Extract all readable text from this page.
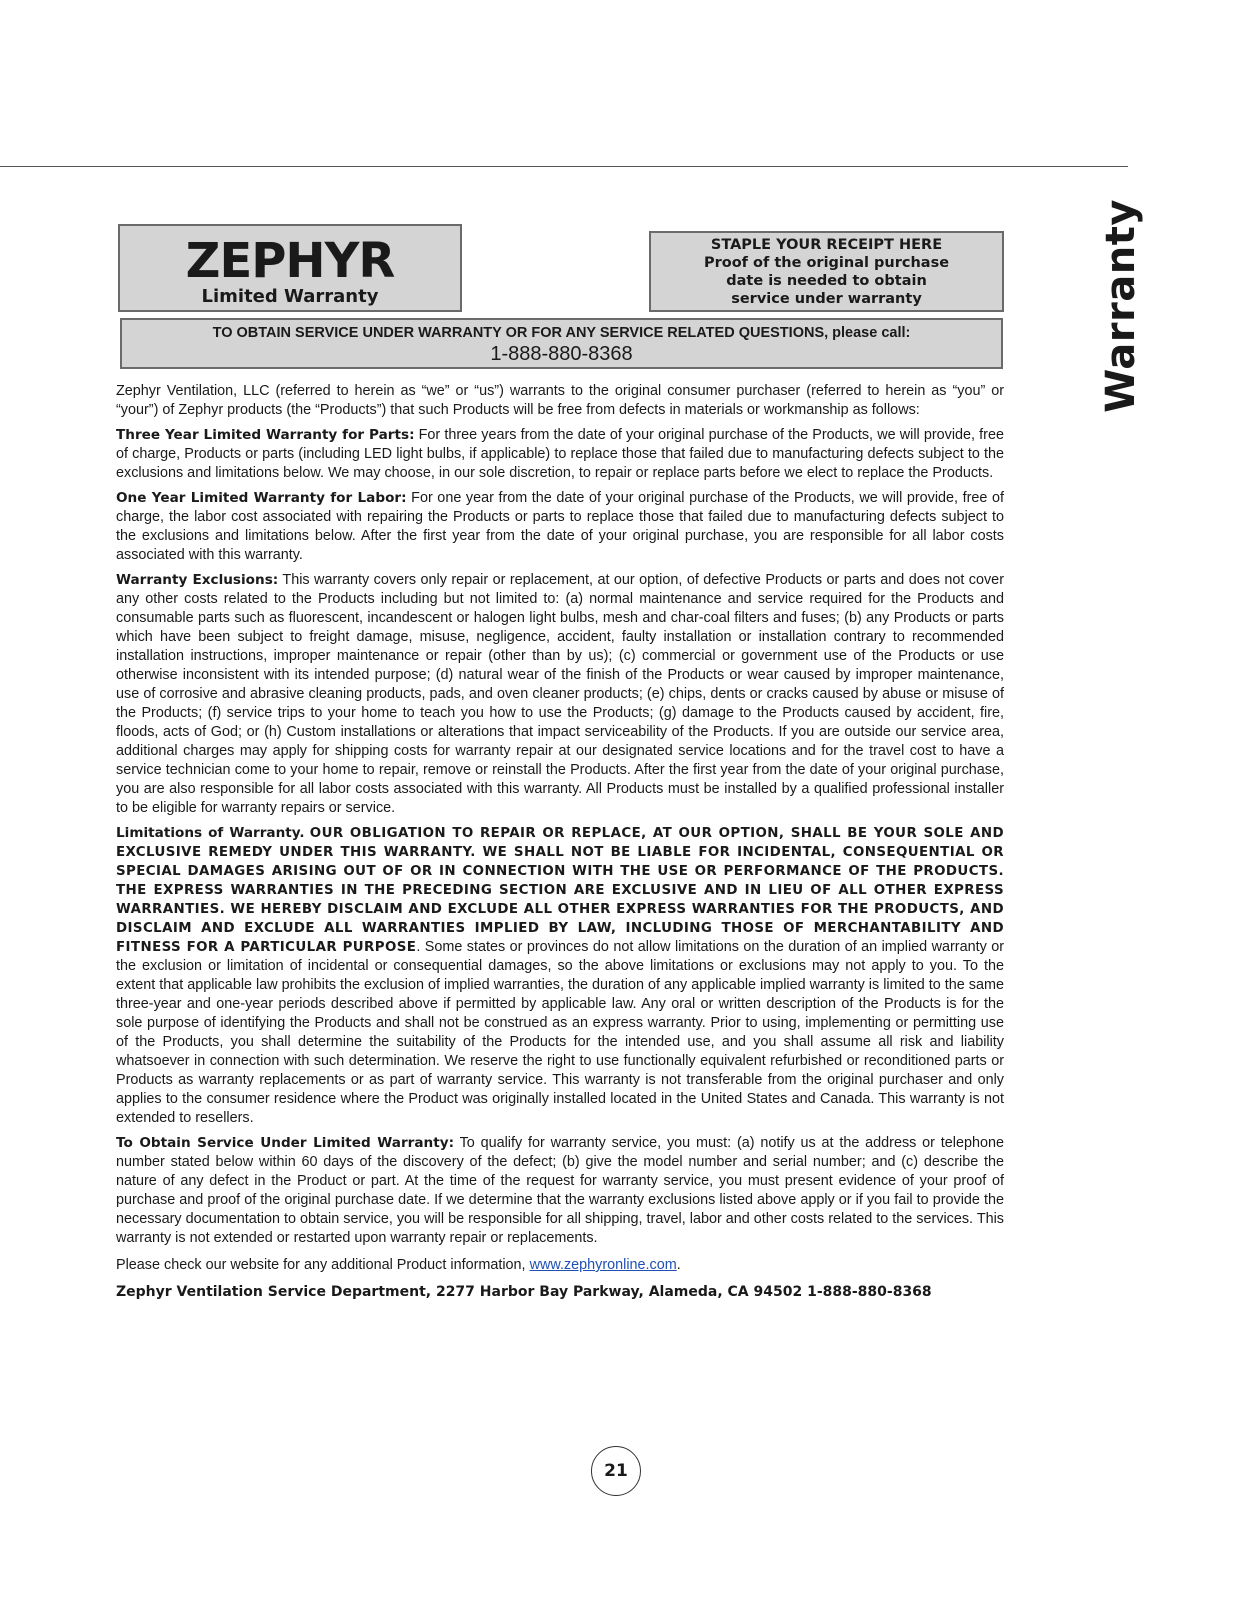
Warranty
ZEPHYR
Limited Warranty
STAPLE YOUR RECEIPT HERE
Proof of the original purchase
date is needed to obtain
service under warranty
TO OBTAIN SERVICE UNDER WARRANTY OR FOR ANY SERVICE RELATED QUESTIONS, please call:
1-888-880-8368

Zephyr Ventilation, LLC (referred to herein as “we” or “us”) warrants to the original consumer purchaser (referred to herein as “you” or “your”) of Zephyr products (the “Products”) that such Products will be free from defects in materials or workmanship as follows:

Three Year Limited Warranty for Parts: For three years from the date of your original purchase of the Products, we will provide, free of charge, Products or parts (including LED light bulbs, if applicable) to replace those that failed due to manufacturing defects subject to the exclusions and limitations below. We may choose, in our sole discretion, to repair or replace parts before we elect to replace the Products.

One Year Limited Warranty for Labor: For one year from the date of your original purchase of the Products, we will provide, free of charge, the labor cost associated with repairing the Products or parts to replace those that failed due to manufacturing defects subject to the exclusions and limitations below. After the first year from the date of your original purchase, you are responsible for all labor costs associated with this warranty.

Warranty Exclusions: This warranty covers only repair or replacement, at our option, of defective Products or parts and does not cover any other costs related to the Products including but not limited to: (a) normal maintenance and service required for the Products and consumable parts such as fluorescent, incandescent or halogen light bulbs, mesh and char-coal filters and fuses; (b) any Products or parts which have been subject to freight damage, misuse, negligence, accident, faulty installation or installation contrary to recommended installation instructions, improper maintenance or repair (other than by us); (c) commercial or government use of the Products or use otherwise inconsistent with its intended purpose; (d) natural wear of the finish of the Products or wear caused by improper maintenance, use of corrosive and abrasive cleaning products, pads, and oven cleaner products; (e) chips, dents or cracks caused by abuse or misuse of the Products; (f) service trips to your home to teach you how to use the Products; (g) damage to the Products caused by accident, fire, floods, acts of God; or (h) Custom installations or alterations that impact serviceability of the Products. If you are outside our service area, additional charges may apply for shipping costs for warranty repair at our designated service locations and for the travel cost to have a service technician come to your home to repair, remove or reinstall the Products. After the first year from the date of your original purchase, you are also responsible for all labor costs associated with this warranty. All Products must be installed by a qualified professional installer to be eligible for warranty repairs or service.

Limitations of Warranty. OUR OBLIGATION TO REPAIR OR REPLACE, AT OUR OPTION, SHALL BE YOUR SOLE AND EXCLUSIVE REMEDY UNDER THIS WARRANTY. WE SHALL NOT BE LIABLE FOR INCIDENTAL, CONSEQUENTIAL OR SPECIAL DAMAGES ARISING OUT OF OR IN CONNECTION WITH THE USE OR PERFORMANCE OF THE PRODUCTS. THE EXPRESS WARRANTIES IN THE PRECEDING SECTION ARE EXCLUSIVE AND IN LIEU OF ALL OTHER EXPRESS WARRANTIES. WE HEREBY DISCLAIM AND EXCLUDE ALL OTHER EXPRESS WARRANTIES FOR THE PRODUCTS, AND DISCLAIM AND EXCLUDE ALL WARRANTIES IMPLIED BY LAW, INCLUDING THOSE OF MERCHANTABILITY AND FITNESS FOR A PARTICULAR PURPOSE. Some states or provinces do not allow limitations on the duration of an implied warranty or the exclusion or limitation of incidental or consequential damages, so the above limitations or exclusions may not apply to you. To the extent that applicable law prohibits the exclusion of implied warranties, the duration of any applicable implied warranty is limited to the same three-year and one-year periods described above if permitted by applicable law. Any oral or written description of the Products is for the sole purpose of identifying the Products and shall not be construed as an express warranty. Prior to using, implementing or permitting use of the Products, you shall determine the suitability of the Products for the intended use, and you shall assume all risk and liability whatsoever in connection with such determination. We reserve the right to use functionally equivalent refurbished or reconditioned parts or Products as warranty replacements or as part of warranty service. This warranty is not transferable from the original purchaser and only applies to the consumer residence where the Product was originally installed located in the United States and Canada. This warranty is not extended to resellers.

To Obtain Service Under Limited Warranty: To qualify for warranty service, you must: (a) notify us at the address or telephone number stated below within 60 days of the discovery of the defect; (b) give the model number and serial number; and (c) describe the nature of any defect in the Product or part. At the time of the request for warranty service, you must present evidence of your proof of purchase and proof of the original purchase date. If we determine that the warranty exclusions listed above apply or if you fail to provide the necessary documentation to obtain service, you will be responsible for all shipping, travel, labor and other costs related to the services. This warranty is not extended or restarted upon warranty repair or replacements.

Please check our website for any additional Product information, www.zephyronline.com.

Zephyr Ventilation Service Department, 2277 Harbor Bay Parkway, Alameda, CA 94502 1-888-880-8368

21
